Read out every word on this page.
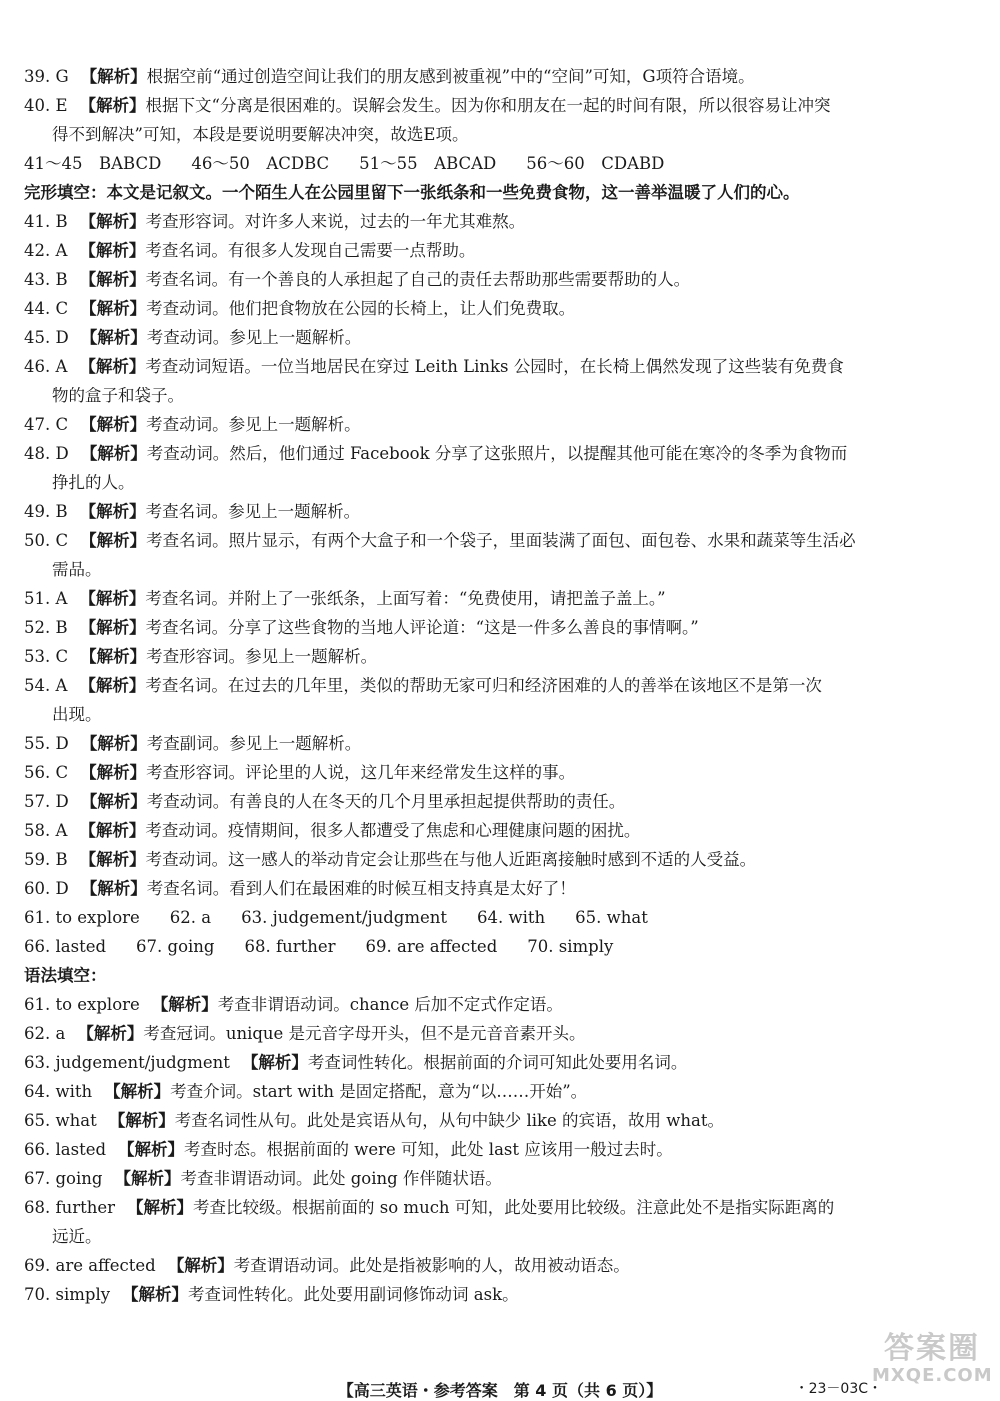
39. G 【解析】根据空前“通过创造空间让我们的朋友感到被重视”中的“空间”可知，G项符合语境。
40. E 【解析】根据下文“分离是很困难的。误解会发生。因为你和朋友在一起的时间有限，所以很容易让冲突
得不到解决”可知，本段是要说明要解决冲突，故选E项。
41～45　BABCD 46～50　ACDBC 51～55　ABCAD 56～60　CDABD
完形填空：本文是记叙文。一个陌生人在公园里留下一张纸条和一些免费食物，这一善举温暖了人们的心。
41. B 【解析】考查形容词。对许多人来说，过去的一年尤其难熬。
42. A 【解析】考查名词。有很多人发现自己需要一点帮助。
43. B 【解析】考查名词。有一个善良的人承担起了自己的责任去帮助那些需要帮助的人。
44. C 【解析】考查动词。他们把食物放在公园的长椅上，让人们免费取。
45. D 【解析】考查动词。参见上一题解析。
46. A 【解析】考查动词短语。一位当地居民在穿过 Leith Links 公园时，在长椅上偶然发现了这些装有免费食
物的盒子和袋子。
47. C 【解析】考查动词。参见上一题解析。
48. D 【解析】考查动词。然后，他们通过 Facebook 分享了这张照片，以提醒其他可能在寒冷的冬季为食物而
挣扎的人。
49. B 【解析】考查名词。参见上一题解析。
50. C 【解析】考查名词。照片显示，有两个大盒子和一个袋子，里面装满了面包、面包卷、水果和蔬菜等生活必
需品。
51. A 【解析】考查名词。并附上了一张纸条，上面写着：“免费使用，请把盖子盖上。”
52. B 【解析】考查名词。分享了这些食物的当地人评论道：“这是一件多么善良的事情啊。”
53. C 【解析】考查形容词。参见上一题解析。
54. A 【解析】考查名词。在过去的几年里，类似的帮助无家可归和经济困难的人的善举在该地区不是第一次
出现。
55. D 【解析】考查副词。参见上一题解析。
56. C 【解析】考查形容词。评论里的人说，这几年来经常发生这样的事。
57. D 【解析】考查动词。有善良的人在冬天的几个月里承担起提供帮助的责任。
58. A 【解析】考查动词。疫情期间，很多人都遭受了焦虑和心理健康问题的困扰。
59. B 【解析】考查动词。这一感人的举动肯定会让那些在与他人近距离接触时感到不适的人受益。
60. D 【解析】考查名词。看到人们在最困难的时候互相支持真是太好了！
61. to explore 62. a 63. judgement/judgment 64. with 65. what
66. lasted 67. going 68. further 69. are affected 70. simply
语法填空：
61. to explore 【解析】考查非谓语动词。chance 后加不定式作定语。
62. a 【解析】考查冠词。unique 是元音字母开头，但不是元音音素开头。
63. judgement/judgment 【解析】考查词性转化。根据前面的介词可知此处要用名词。
64. with 【解析】考查介词。start with 是固定搭配，意为“以……开始”。
65. what 【解析】考查名词性从句。此处是宾语从句，从句中缺少 like 的宾语，故用 what。
66. lasted 【解析】考查时态。根据前面的 were 可知，此处 last 应该用一般过去时。
67. going 【解析】考查非谓语动词。此处 going 作伴随状语。
68. further 【解析】考查比较级。根据前面的 so much 可知，此处要用比较级。注意此处不是指实际距离的
远近。
69. are affected 【解析】考查谓语动词。此处是指被影响的人，故用被动语态。
70. simply 【解析】考查词性转化。此处要用副词修饰动词 ask。
【高三英语・参考答案　第 4 页（共 6 页）】	・23－03C・
答案圈
MXQE.COM
